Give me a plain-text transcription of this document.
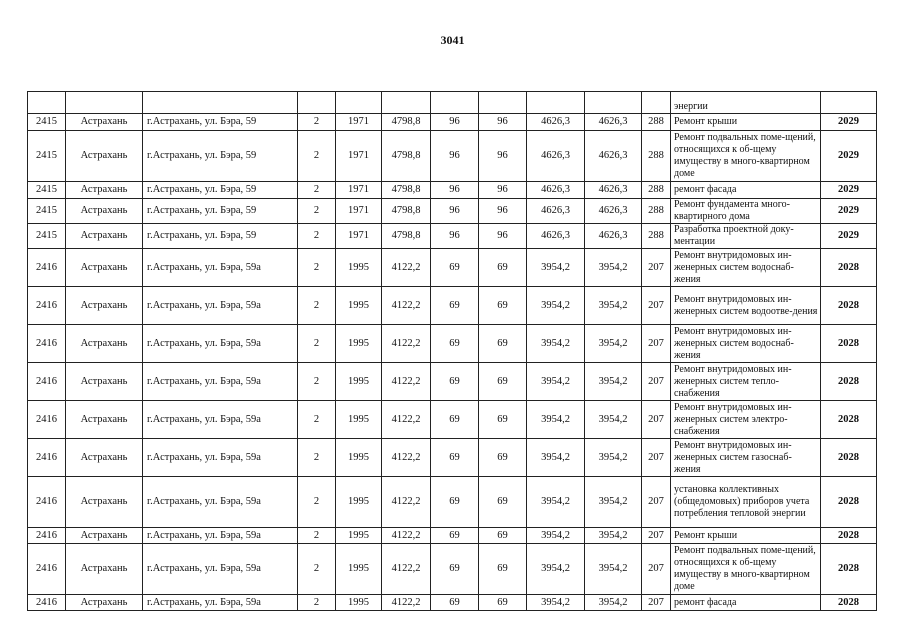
3041
											энергии	
2415	Астрахань	г.Астрахань, ул. Бэра, 59	2	1971	4798,8	96	96	4626,3	4626,3	288	Ремонт крыши	2029
2415	Астрахань	г.Астрахань, ул. Бэра, 59	2	1971	4798,8	96	96	4626,3	4626,3	288	Ремонт подвальных поме-щений, относящихся к об-щему имуществу в много-квартирном доме	2029
2415	Астрахань	г.Астрахань, ул. Бэра, 59	2	1971	4798,8	96	96	4626,3	4626,3	288	ремонт фасада	2029
2415	Астрахань	г.Астрахань, ул. Бэра, 59	2	1971	4798,8	96	96	4626,3	4626,3	288	Ремонт фундамента много-квартирного дома	2029
2415	Астрахань	г.Астрахань, ул. Бэра, 59	2	1971	4798,8	96	96	4626,3	4626,3	288	Разработка проектной доку-ментации	2029
2416	Астрахань	г.Астрахань, ул. Бэра, 59а	2	1995	4122,2	69	69	3954,2	3954,2	207	Ремонт внутридомовых ин-женерных систем водоснаб-жения	2028
2416	Астрахань	г.Астрахань, ул. Бэра, 59а	2	1995	4122,2	69	69	3954,2	3954,2	207	Ремонт внутридомовых ин-женерных систем водоотве-дения	2028
2416	Астрахань	г.Астрахань, ул. Бэра, 59а	2	1995	4122,2	69	69	3954,2	3954,2	207	Ремонт внутридомовых ин-женерных систем водоснаб-жения	2028
2416	Астрахань	г.Астрахань, ул. Бэра, 59а	2	1995	4122,2	69	69	3954,2	3954,2	207	Ремонт внутридомовых ин-женерных систем тепло-снабжения	2028
2416	Астрахань	г.Астрахань, ул. Бэра, 59а	2	1995	4122,2	69	69	3954,2	3954,2	207	Ремонт внутридомовых ин-женерных систем электро-снабжения	2028
2416	Астрахань	г.Астрахань, ул. Бэра, 59а	2	1995	4122,2	69	69	3954,2	3954,2	207	Ремонт внутридомовых ин-женерных систем газоснаб-жения	2028
2416	Астрахань	г.Астрахань, ул. Бэра, 59а	2	1995	4122,2	69	69	3954,2	3954,2	207	установка коллективных (общедомовых) приборов учета потребления тепловой энергии	2028
2416	Астрахань	г.Астрахань, ул. Бэра, 59а	2	1995	4122,2	69	69	3954,2	3954,2	207	Ремонт крыши	2028
2416	Астрахань	г.Астрахань, ул. Бэра, 59а	2	1995	4122,2	69	69	3954,2	3954,2	207	Ремонт подвальных поме-щений, относящихся к об-щему имуществу в много-квартирном доме	2028
2416	Астрахань	г.Астрахань, ул. Бэра, 59а	2	1995	4122,2	69	69	3954,2	3954,2	207	ремонт фасада	2028
